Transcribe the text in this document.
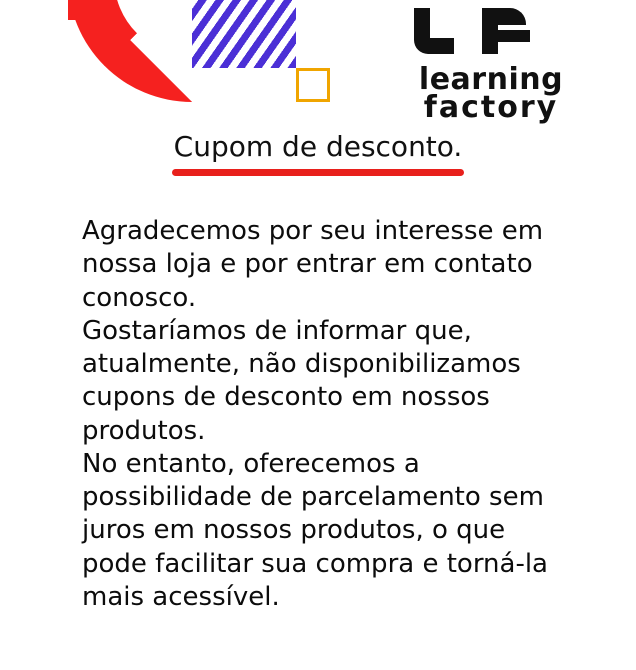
learning
factory
Cupom de desconto.

Agradecemos por seu interesse em nossa loja e por entrar em contato conosco.

Gostaríamos de informar que, atualmente, não disponibilizamos cupons de desconto em nossos produtos.

No entanto, oferecemos a possibilidade de parcelamento sem juros em nossos produtos, o que pode facilitar sua compra e torná-la mais acessível.
